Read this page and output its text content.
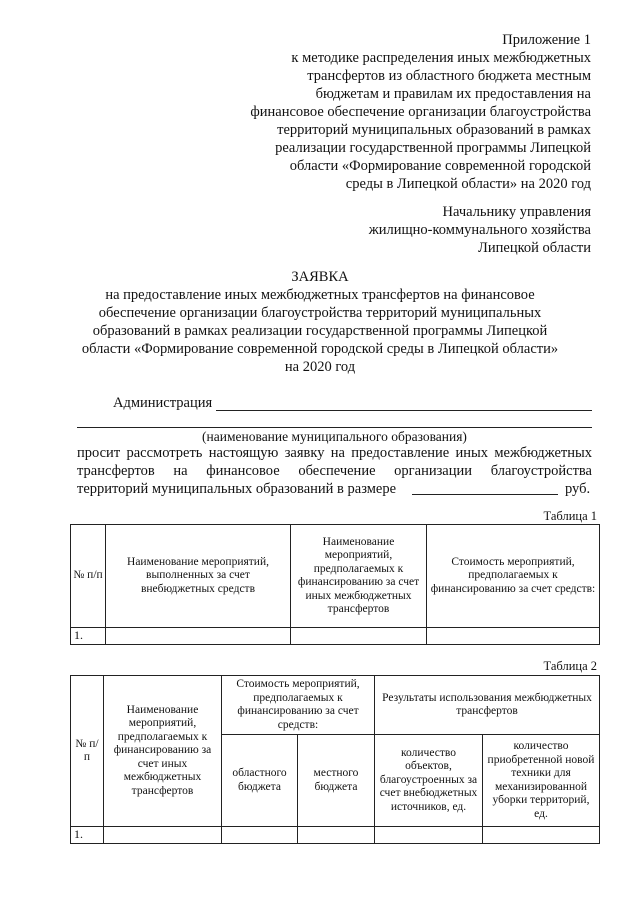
Приложение 1
к методике распределения иных межбюджетных
трансфертов из областного бюджета местным
бюджетам и правилам их предоставления на
финансовое обеспечение организации благоустройства
территорий муниципальных образований в рамках
реализации государственной программы Липецкой
области «Формирование современной городской
среды в Липецкой области» на 2020 год
Начальнику управления
жилищно-коммунального хозяйства
Липецкой области
ЗАЯВКА
на предоставление иных межбюджетных трансфертов на финансовое
обеспечение организации благоустройства территорий муниципальных
образований в рамках реализации государственной программы Липецкой
области «Формирование современной городской среды в Липецкой области»
на 2020 год
Администрация
(наименование муниципального образования)
просит рассмотреть настоящую заявку на предоставление иных межбюджетных
трансфертов на финансовое обеспечение организации благоустройства
территорий муниципальных образований в размере	руб.
Таблица 1
№ п/п	Наименование мероприятий, выполненных за счет внебюджетных средств	Наименование мероприятий, предполагаемых к финансированию за счет иных межбюджетных трансфертов	Стоимость мероприятий, предполагаемых к финансированию за счет средств:
1.			
Таблица 2
№ п/п	Наименование мероприятий, предполагаемых к финансированию за счет иных межбюджетных трансфертов	Стоимость мероприятий, предполагаемых к финансированию за счет средств:		Результаты использования межбюджетных трансфертов	
		областного бюджета	местного бюджета	количество объектов, благоустроенных за счет внебюджетных источников, ед.	количество приобретенной новой техники для механизированной уборки территорий, ед.
1.					
